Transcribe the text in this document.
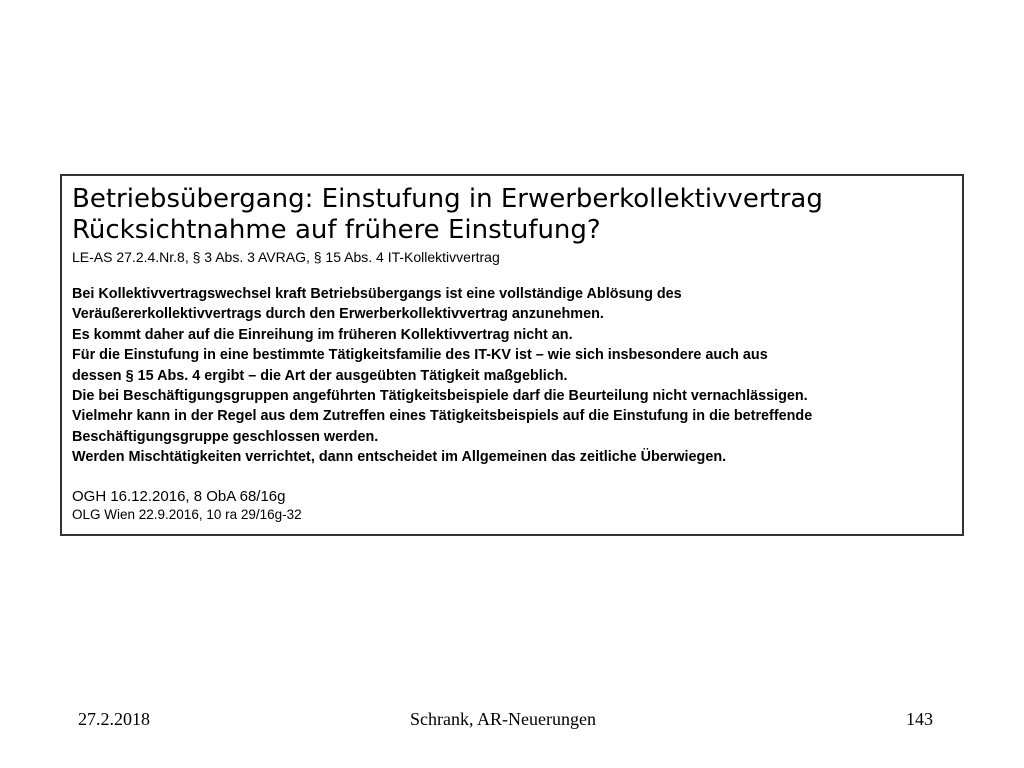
Betriebsübergang: Einstufung in Erwerberkollektivvertrag
Rücksichtnahme auf frühere Einstufung?
LE-AS 27.2.4.Nr.8, § 3 Abs. 3 AVRAG, § 15 Abs. 4 IT-Kollektivvertrag
Bei Kollektivvertragswechsel kraft Betriebsübergangs ist eine vollständige Ablösung des
Veräußererkollektivvertrags durch den Erwerberkollektivvertrag anzunehmen.
Es kommt daher auf die Einreihung im früheren Kollektivvertrag nicht an.
Für die Einstufung in eine bestimmte Tätigkeitsfamilie des IT-KV ist – wie sich insbesondere auch aus
dessen § 15 Abs. 4 ergibt – die Art der ausgeübten Tätigkeit maßgeblich.
Die bei Beschäftigungsgruppen angeführten Tätigkeitsbeispiele darf die Beurteilung nicht vernachlässigen.
Vielmehr kann in der Regel aus dem Zutreffen eines Tätigkeitsbeispiels auf die Einstufung in die betreffende
Beschäftigungsgruppe geschlossen werden.
Werden Mischtätigkeiten verrichtet, dann entscheidet im Allgemeinen das zeitliche Überwiegen.
OGH 16.12.2016, 8 ObA 68/16g
OLG Wien 22.9.2016, 10 ra 29/16g-32
27.2.2018	Schrank, AR-Neuerungen	143
